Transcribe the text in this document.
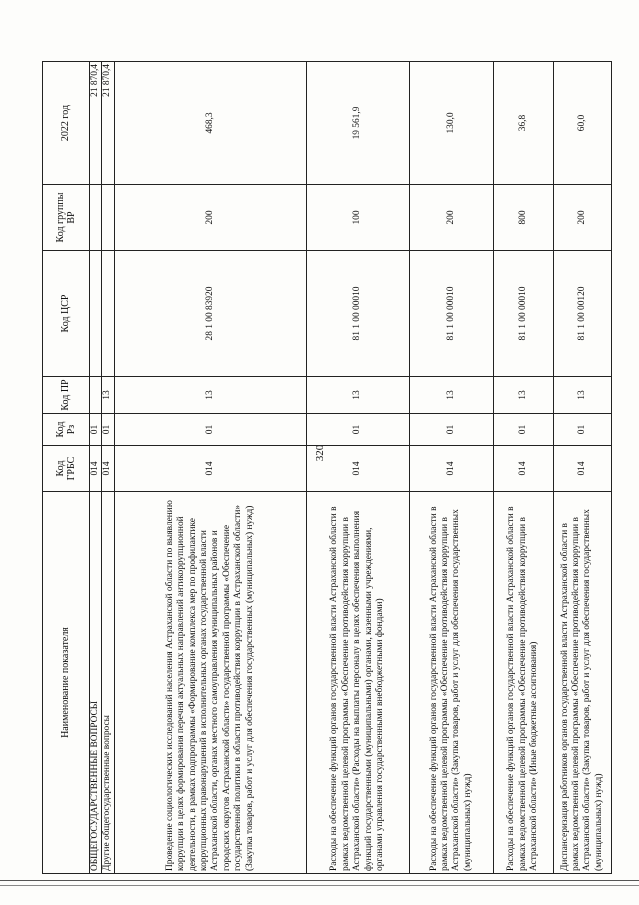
320
Наименование показателя	Код ГРБС	Код Рз	Код ПР	Код ЦСР	Код группы ВР	2022 год
ОБЩЕГОСУДАРСТВЕННЫЕ ВОПРОСЫ	014	01				21 870,4
Другие общегосударственные вопросы	014	01	13			21 870,4
Проведение социологических исследований населения Астраханской области по выявлению коррупции в целях формирования перечня актуальных направлений антикоррупционной деятельности, в рамках подпрограммы «Формирование комплекса мер по профилактике коррупционных правонарушений в исполнительных органах государственной власти Астраханской области, органах местного самоуправления муниципальных районов и городских округов Астраханской области» государственной программы «Обеспечение государственной политики в области противодействия коррупции в Астраханской области» (Закупка товаров, работ и услуг для обеспечения государственных (муниципальных) нужд)	014	01	13	28 1 00 83920	200	468,3
Расходы на обеспечение функций органов государственной власти Астраханской области в рамках ведомственной целевой программы «Обеспечение противодействия коррупции в Астраханской области» (Расходы на выплаты персоналу в целях обеспечения выполнения функций государственными (муниципальными) органами, казенными учреждениями, органами управления государственными внебюджетными фондами)	014	01	13	81 1 00 00010	100	19 561,9
Расходы на обеспечение функций органов государственной власти Астраханской области в рамках ведомственной целевой программы «Обеспечение противодействия коррупции в Астраханской области» (Закупка товаров, работ и услуг для обеспечения государственных (муниципальных) нужд)	014	01	13	81 1 00 00010	200	130,0
Расходы на обеспечение функций органов государственной власти Астраханской области в рамках ведомственной целевой программы «Обеспечение противодействия коррупции в Астраханской области» (Иные бюджетные ассигнования)	014	01	13	81 1 00 00010	800	36,8
Диспансеризация работников органов государственной власти Астраханской области в рамках ведомственной целевой программы «Обеспечение противодействия коррупции в Астраханской области» (Закупка товаров, работ и услуг для обеспечения государственных (муниципальных) нужд)	014	01	13	81 1 00 00120	200	60,0
